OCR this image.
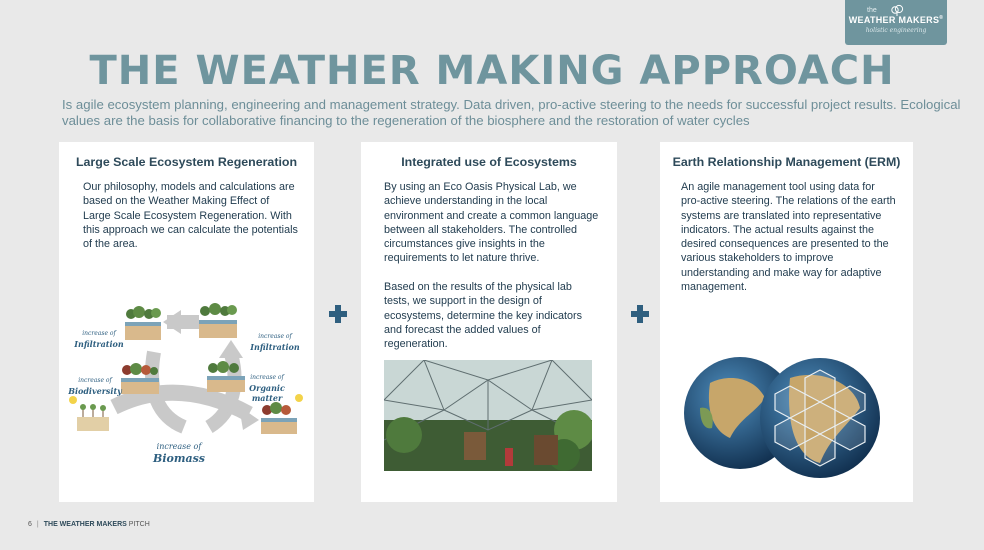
the
WEATHER MAKERS®
holistic engineering
THE WEATHER MAKING APPROACH
Is agile ecosystem planning, engineering and management strategy. Data driven, pro-active steering to the needs for successful project results. Ecological values are the basis for collaborative financing to the regeneration of the biosphere and the restoration of water cycles
Large Scale Ecosystem Regeneration

Our philosophy, models and calculations are based on the Weather Making Effect of Large Scale Ecosystem Regeneration. With this approach we can calculate the potentials of the area.

increase of
Infiltration
increase of
Infiltration
increase of
Biodiversity
increase of
Organic matter
increase of
Biomass
Integrated use of Ecosystems

By using an Eco Oasis Physical Lab, we achieve understanding in the local environment and create a common language between all stakeholders. The controlled circumstances give insights in the requirements to let nature thrive.

Based on the results of the physical lab tests, we support in the design of ecosystems, determine the key indicators and forecast the added values of regeneration.

Earth Relationship Management (ERM)

An agile management tool using data for pro-active steering. The relations of the earth systems are translated into representative indicators. The actual results against the desired consequences are presented to the various stakeholders to improve understanding and make way for adaptive management.

6 | THE WEATHER MAKERS PITCH
